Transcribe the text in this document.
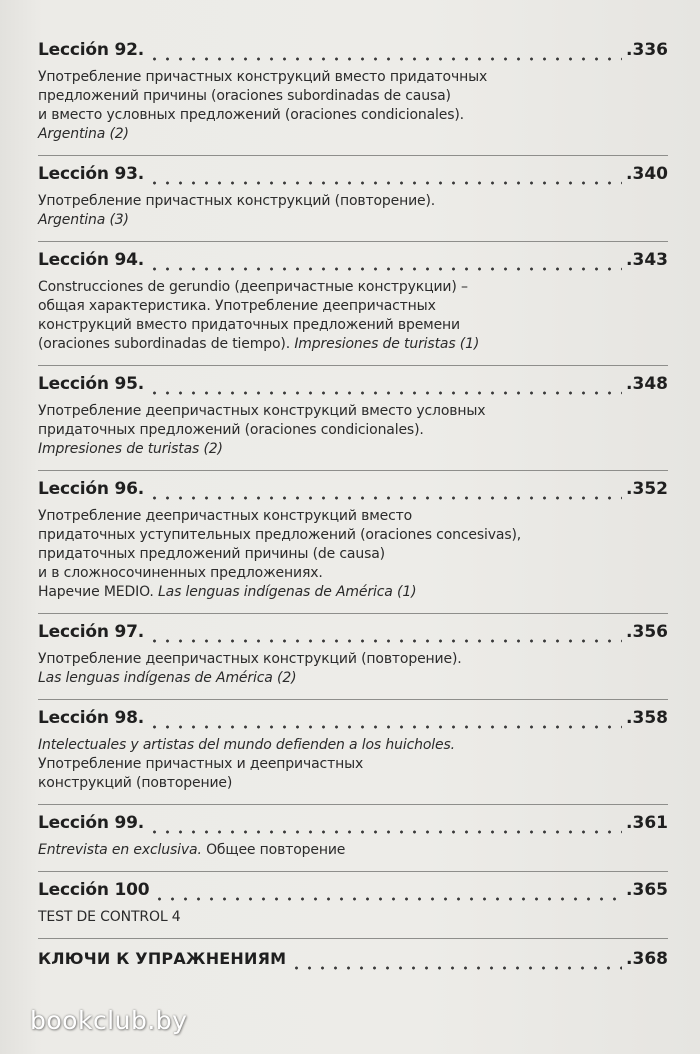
Lección 92.	.336
Употребление причастных конструкций вместо придаточных
предложений причины (oraciones subordinadas de causa)
и вместо условных предложений (oraciones condicionales).
Argentina (2)
Lección 93.	.340
Употребление причастных конструкций (повторение).
Argentina (3)
Lección 94.	.343
Construcciones de gerundio (деепричастные конструкции) –
общая характеристика. Употребление деепричастных
конструкций вместо придаточных предложений времени
(oraciones subordinadas de tiempo). Impresiones de turistas (1)
Lección 95.	.348
Употребление деепричастных конструкций вместо условных
придаточных предложений (oraciones condicionales).
Impresiones de turistas (2)
Lección 96.	.352
Употребление деепричастных конструкций вместо
придаточных уступительных предложений (oraciones concesivas),
придаточных предложений причины (de causa)
и в сложносочиненных предложениях.
Наречие MEDIO. Las lenguas indígenas de América (1)
Lección 97.	.356
Употребление деепричастных конструкций (повторение).
Las lenguas indígenas de América (2)
Lección 98.	.358
Intelectuales y artistas del mundo defienden a los huicholes.
Употребление причастных и деепричастных
конструкций (повторение)
Lección 99.	.361
Entrevista en exclusiva. Общее повторение
Lección 100	.365
TEST DE CONTROL 4
КЛЮЧИ К УПРАЖНЕНИЯМ	.368
bookclub.by
